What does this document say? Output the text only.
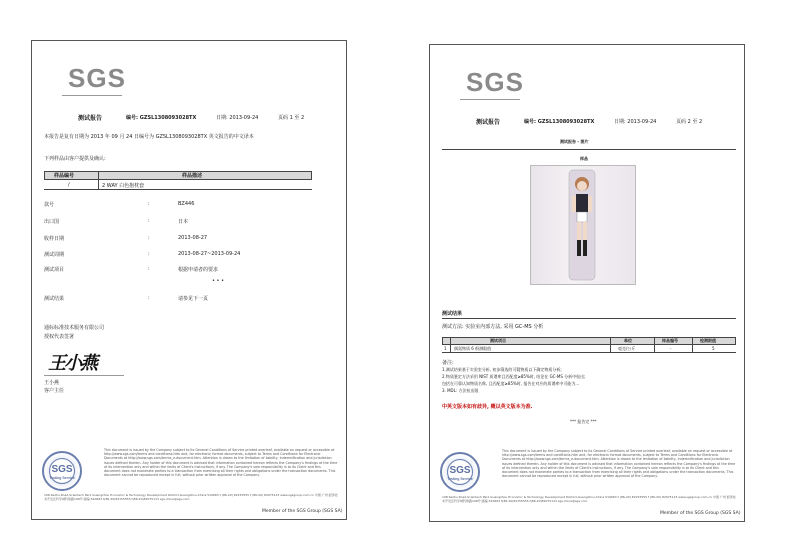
SGS
测试报告	编号: GZSL1308093028TX	日期: 2013-09-24	页码 1 至 2
本报告是复有日期为 2013 年 09 月 24 日编号为 GZSL1308093028TX 英文报告的中文译本
下列样品由客户提供及确认:
样品编号	样品描述
/	2 WAY 白色抱枕套
款号	:	BZ446
出口国	:	日本
收样日期	:	2013-08-27
测试周期	:	2013-08-27~2013-09-24
测试项目	:	根据申请者的要求
• • •
测试结果	:	请参见下一页
通标标准技术服务有限公司
授权代表签署
王小燕
王小燕
客户主任
SGS
Testing Service
This document is issued by the Company subject to its General Conditions of Service printed overleaf, available on request or accessible at http://www.sgs.com/terms and conditions.htm and, for electronic format documents, subject to Terms and Conditions for Electronic Documents at http://www.sgs.com/terms_e-document.htm. Attention is drawn to the limitation of liability, indemnification and jurisdiction issues defined therein. Any holder of this document is advised that information contained hereon reflects the Company's findings at the time of its intervention only and within the limits of Client's instructions, if any. The Company's sole responsibility is to its Client and this document does not exonerate parties to a transaction from exercising all their rights and obligations under the transaction documents. This document cannot be reproduced except in full, without prior written approval of the Company.
198 Kezhu Road,Scientech Park Guangzhou Economic & Technology Development District,Guangzhou,China 510663 t (86-20) 82155555 f (86-20) 82075113 www.sgsgroup.com.cn 中国·广州·经济技术开发区科学城科珠路198号 邮编:510663 t(86-20)82155555 f(86-20)82075113 sgs.china@sgs.com
Member of the SGS Group (SGS SA)
SGS
测试报告	编号: GZSL1308093028TX	日期: 2013-09-24	页码 2 至 2
测试报告 - 图片
样品
测试结果
测试方法: 实验室内部方法, 采用 GC-MS 分析
测试项目	单位	样品编号	检测限值
1 偶氮物质 6 粉测限值	毫克/公斤	-	5
备注:
1.测试结果基于实验室分析, 初步筛选的可疑物质以下确定物质分析;
2.物质鉴定方法采用 NIST 质谱库且匹配度≥85%时, 结论在 GC-MS 分析中检出;
包括在可靠认知物质名称, 且匹配度≥85%时, 报告在对应的质谱库中可能为...
3. MDL: 方法检出限
中英文版本如有歧异, 概以英文版本为准.
*** 报告完 ***
SGS
Testing Service
This document is issued by the Company subject to its General Conditions of Service printed overleaf, available on request or accessible at http://www.sgs.com/terms and conditions.htm and, for electronic format documents, subject to Terms and Conditions for Electronic Documents at http://www.sgs.com/terms_e-document.htm. Attention is drawn to the limitation of liability, indemnification and jurisdiction issues defined therein. Any holder of this document is advised that information contained hereon reflects the Company's findings at the time of its intervention only and within the limits of Client's instructions, if any. The Company's sole responsibility is to its Client and this document does not exonerate parties to a transaction from exercising all their rights and obligations under the transaction documents. This document cannot be reproduced except in full, without prior written approval of the Company.
198 Kezhu Road,Scientech Park Guangzhou Economic & Technology Development District,Guangzhou,China 510663 t (86-20) 82155555 f (86-20) 82075113 www.sgsgroup.com.cn 中国·广州·经济技术开发区科学城科珠路198号 邮编:510663 t(86-20)82155555 f(86-20)82075113 sgs.china@sgs.com
Member of the SGS Group (SGS SA)
